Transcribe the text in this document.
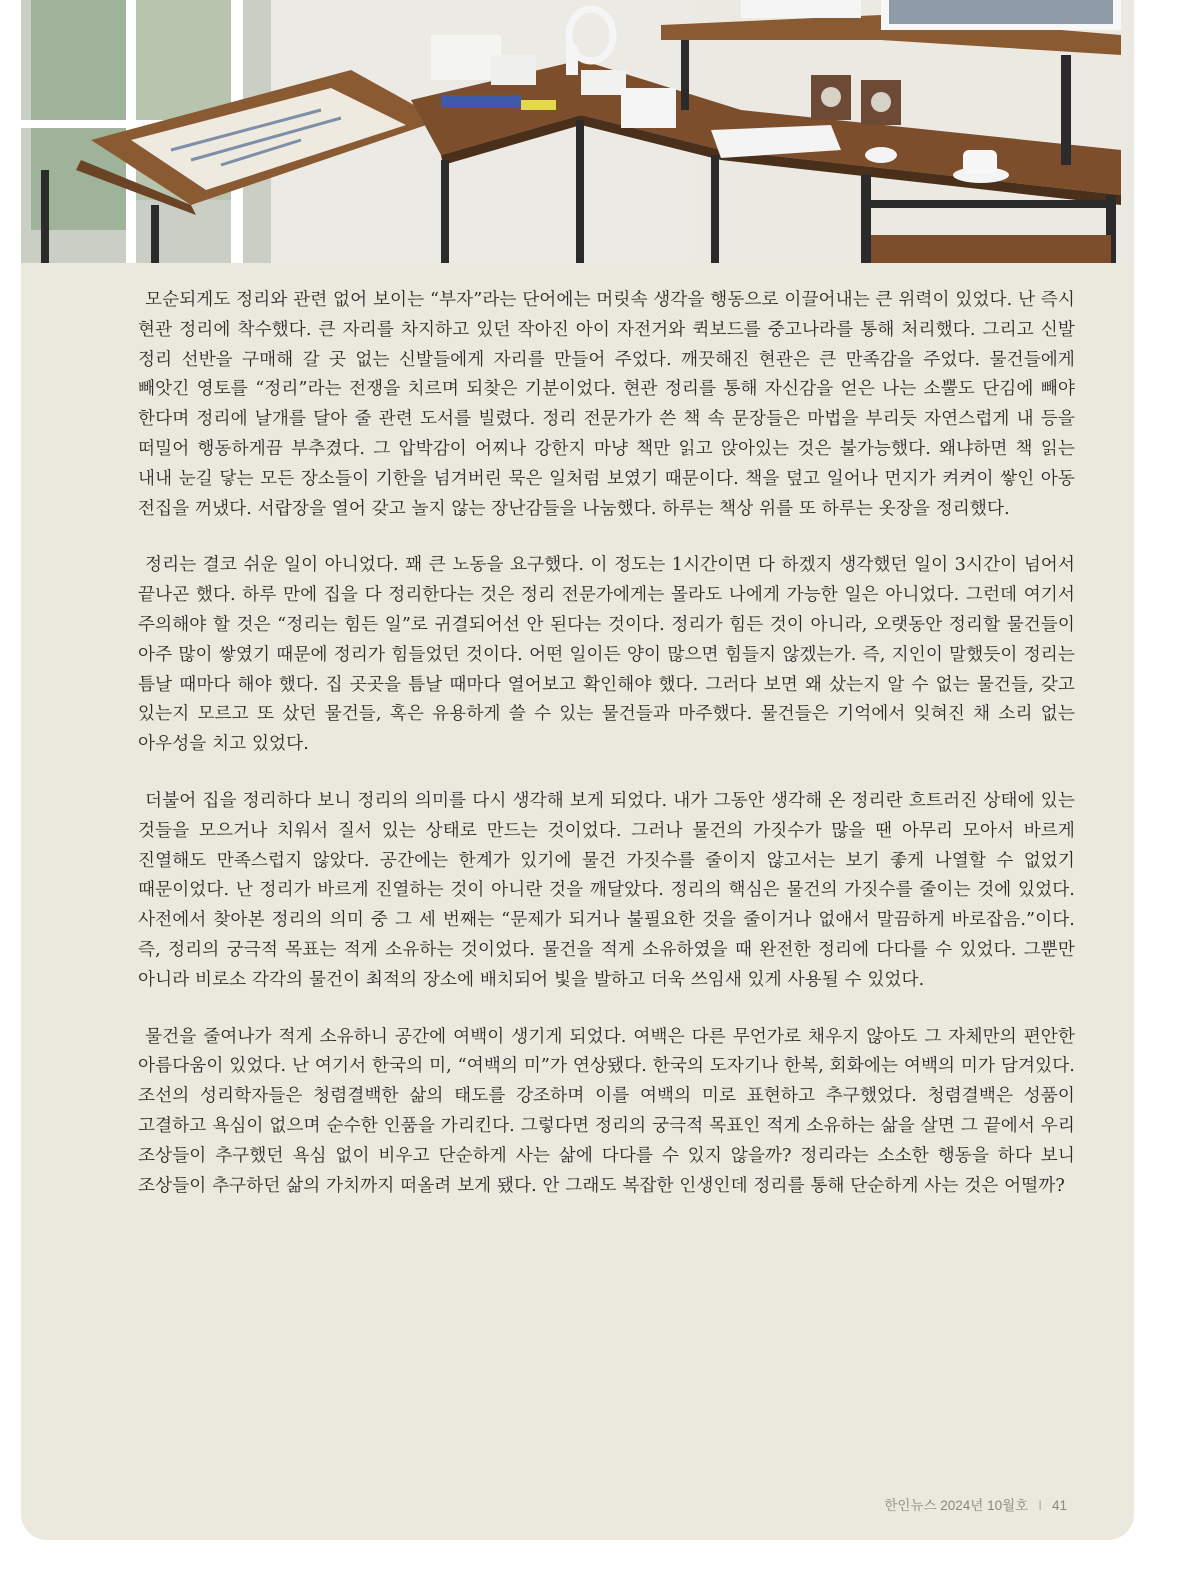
모순되게도 정리와 관련 없어 보이는 “부자”라는 단어에는 머릿속 생각을 행동으로 이끌어내는 큰 위력이 있었다. 난 즉시 현관 정리에 착수했다. 큰 자리를 차지하고 있던 작아진 아이 자전거와 퀵보드를 중고나라를 통해 처리했다. 그리고 신발 정리 선반을 구매해 갈 곳 없는 신발들에게 자리를 만들어 주었다. 깨끗해진 현관은 큰 만족감을 주었다. 물건들에게 빼앗긴 영토를 “정리”라는 전쟁을 치르며 되찾은 기분이었다. 현관 정리를 통해 자신감을 얻은 나는 소뿔도 단김에 빼야 한다며 정리에 날개를 달아 줄 관련 도서를 빌렸다. 정리 전문가가 쓴 책 속 문장들은 마법을 부리듯 자연스럽게 내 등을 떠밀어 행동하게끔 부추겼다. 그 압박감이 어찌나 강한지 마냥 책만 읽고 앉아있는 것은 불가능했다. 왜냐하면 책 읽는 내내 눈길 닿는 모든 장소들이 기한을 넘겨버린 묵은 일처럼 보였기 때문이다. 책을 덮고 일어나 먼지가 켜켜이 쌓인 아동 전집을 꺼냈다. 서랍장을 열어 갖고 놀지 않는 장난감들을 나눔했다. 하루는 책상 위를 또 하루는 옷장을 정리했다.

정리는 결코 쉬운 일이 아니었다. 꽤 큰 노동을 요구했다. 이 정도는 1시간이면 다 하겠지 생각했던 일이 3시간이 넘어서 끝나곤 했다. 하루 만에 집을 다 정리한다는 것은 정리 전문가에게는 몰라도 나에게 가능한 일은 아니었다. 그런데 여기서 주의해야 할 것은 “정리는 힘든 일”로 귀결되어선 안 된다는 것이다. 정리가 힘든 것이 아니라, 오랫동안 정리할 물건들이 아주 많이 쌓였기 때문에 정리가 힘들었던 것이다. 어떤 일이든 양이 많으면 힘들지 않겠는가. 즉, 지인이 말했듯이 정리는 틈날 때마다 해야 했다. 집 곳곳을 틈날 때마다 열어보고 확인해야 했다. 그러다 보면 왜 샀는지 알 수 없는 물건들, 갖고 있는지 모르고 또 샀던 물건들, 혹은 유용하게 쓸 수 있는 물건들과 마주했다. 물건들은 기억에서 잊혀진 채 소리 없는 아우성을 치고 있었다.

더불어 집을 정리하다 보니 정리의 의미를 다시 생각해 보게 되었다. 내가 그동안 생각해 온 정리란 흐트러진 상태에 있는 것들을 모으거나 치워서 질서 있는 상태로 만드는 것이었다. 그러나 물건의 가짓수가 많을 땐 아무리 모아서 바르게 진열해도 만족스럽지 않았다. 공간에는 한계가 있기에 물건 가짓수를 줄이지 않고서는 보기 좋게 나열할 수 없었기 때문이었다. 난 정리가 바르게 진열하는 것이 아니란 것을 깨달았다. 정리의 핵심은 물건의 가짓수를 줄이는 것에 있었다. 사전에서 찾아본 정리의 의미 중 그 세 번째는 “문제가 되거나 불필요한 것을 줄이거나 없애서 말끔하게 바로잡음.”이다. 즉, 정리의 궁극적 목표는 적게 소유하는 것이었다. 물건을 적게 소유하였을 때 완전한 정리에 다다를 수 있었다. 그뿐만 아니라 비로소 각각의 물건이 최적의 장소에 배치되어 빛을 발하고 더욱 쓰임새 있게 사용될 수 있었다.

물건을 줄여나가 적게 소유하니 공간에 여백이 생기게 되었다. 여백은 다른 무언가로 채우지 않아도 그 자체만의 편안한 아름다움이 있었다. 난 여기서 한국의 미, “여백의 미”가 연상됐다. 한국의 도자기나 한복, 회화에는 여백의 미가 담겨있다. 조선의 성리학자들은 청렴결백한 삶의 태도를 강조하며 이를 여백의 미로 표현하고 추구했었다. 청렴결백은 성품이 고결하고 욕심이 없으며 순수한 인품을 가리킨다. 그렇다면 정리의 궁극적 목표인 적게 소유하는 삶을 살면 그 끝에서 우리 조상들이 추구했던 욕심 없이 비우고 단순하게 사는 삶에 다다를 수 있지 않을까? 정리라는 소소한 행동을 하다 보니 조상들이 추구하던 삶의 가치까지 떠올려 보게 됐다. 안 그래도 복잡한 인생인데 정리를 통해 단순하게 사는 것은 어떨까?

한인뉴스 2024년 10월호 I 41
